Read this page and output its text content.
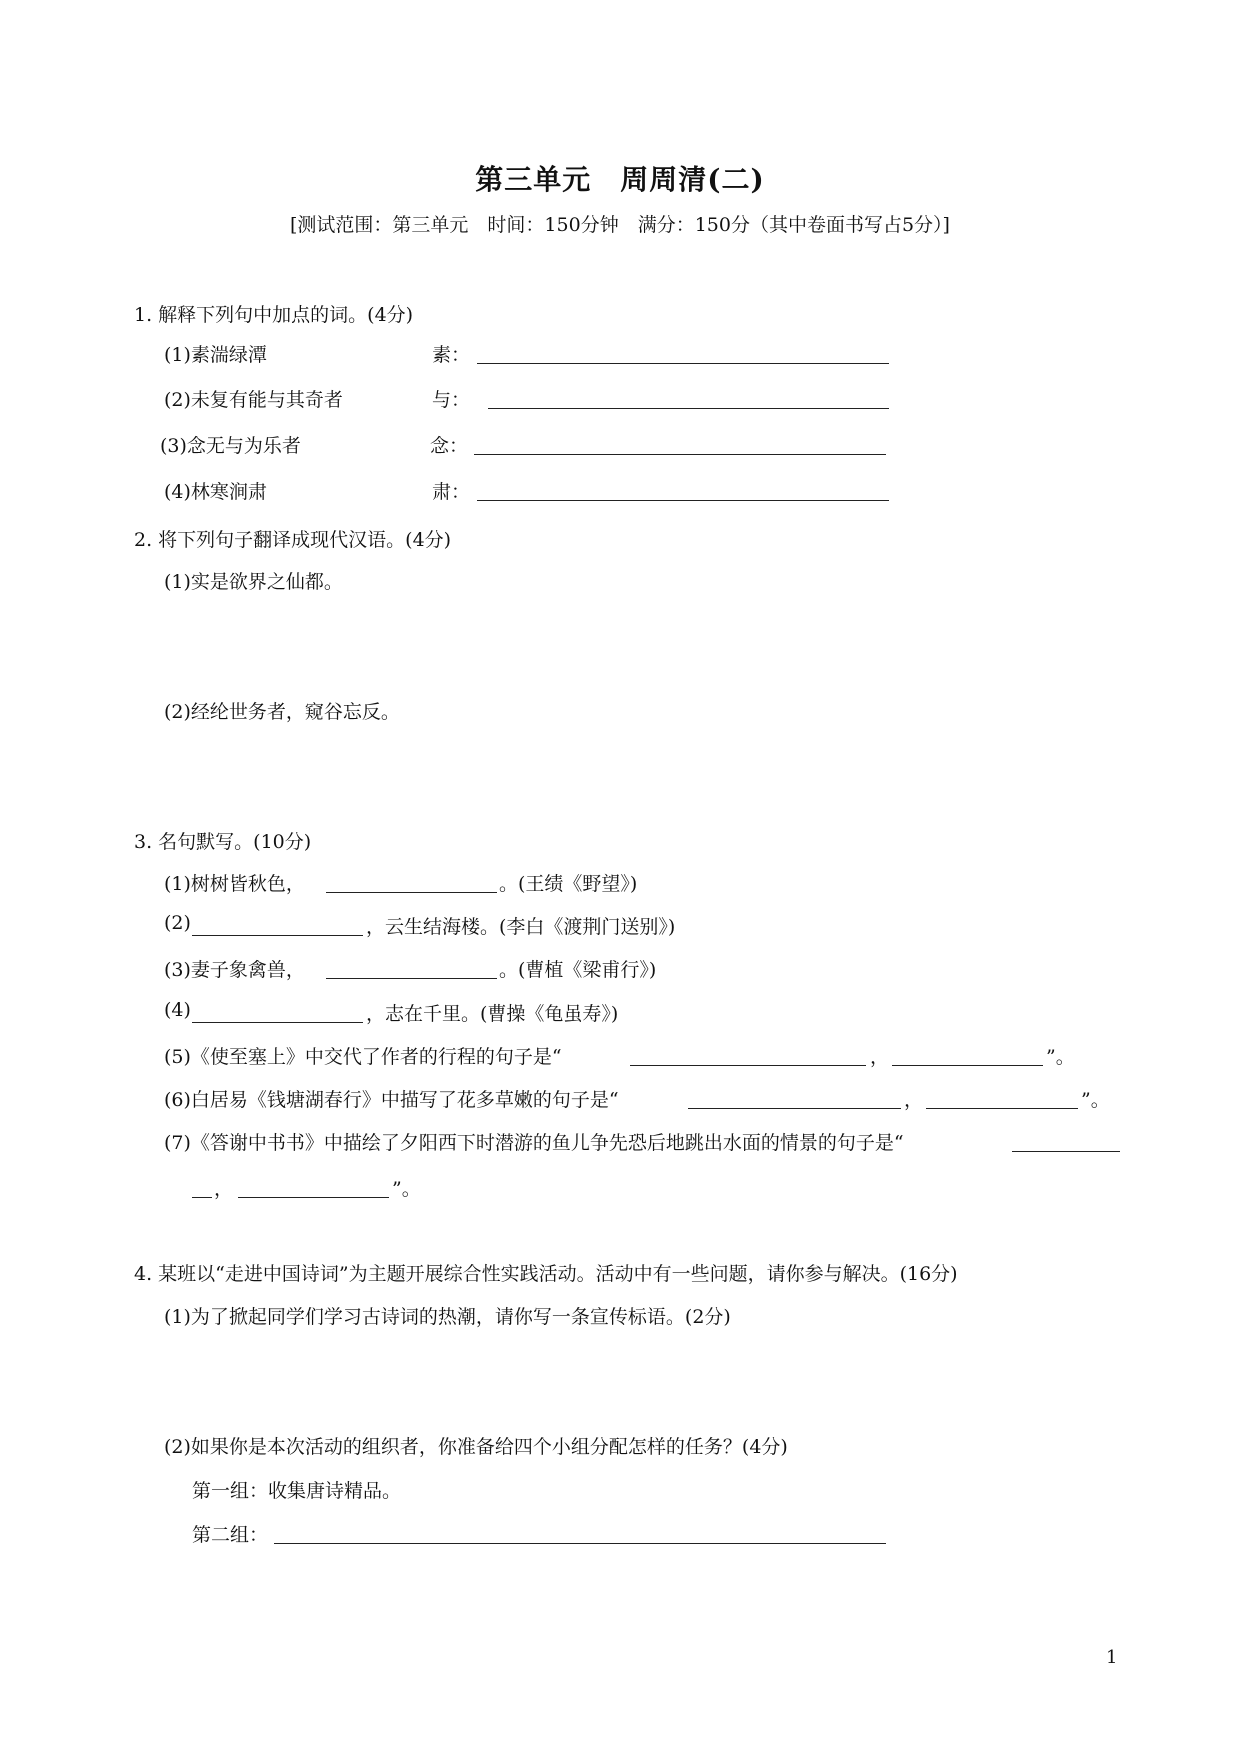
第三单元　周周清(二)
[测试范围：第三单元　时间：150分钟　满分：150分（其中卷面书写占5分）]
1. 解释下列句中加点的词。(4分)
(1)素湍绿潭	素：
(2)未复有能与其奇者	与：
(3)念无与为乐者	念：
(4)林寒涧肃	肃：
2. 将下列句子翻译成现代汉语。(4分)
(1)实是欲界之仙都。
(2)经纶世务者，窥谷忘反。
3. 名句默写。(10分)
(1)树树皆秋色，	。(王绩《野望》)
(2)	，云生结海楼。(李白《渡荆门送别》)
(3)妻子象禽兽，	。(曹植《梁甫行》)
(4)	，志在千里。(曹操《龟虽寿》)
(5)《使至塞上》中交代了作者的行程的句子是“	，	”。
(6)白居易《钱塘湖春行》中描写了花多草嫩的句子是“	，	”。
(7)《答谢中书书》中描绘了夕阳西下时潜游的鱼儿争先恐后地跳出水面的情景的句子是“
，	”。
4. 某班以“走进中国诗词”为主题开展综合性实践活动。活动中有一些问题，请你参与解决。(16分)
(1)为了掀起同学们学习古诗词的热潮，请你写一条宣传标语。(2分)
(2)如果你是本次活动的组织者，你准备给四个小组分配怎样的任务？(4分)
第一组：收集唐诗精品。
第二组：
1
